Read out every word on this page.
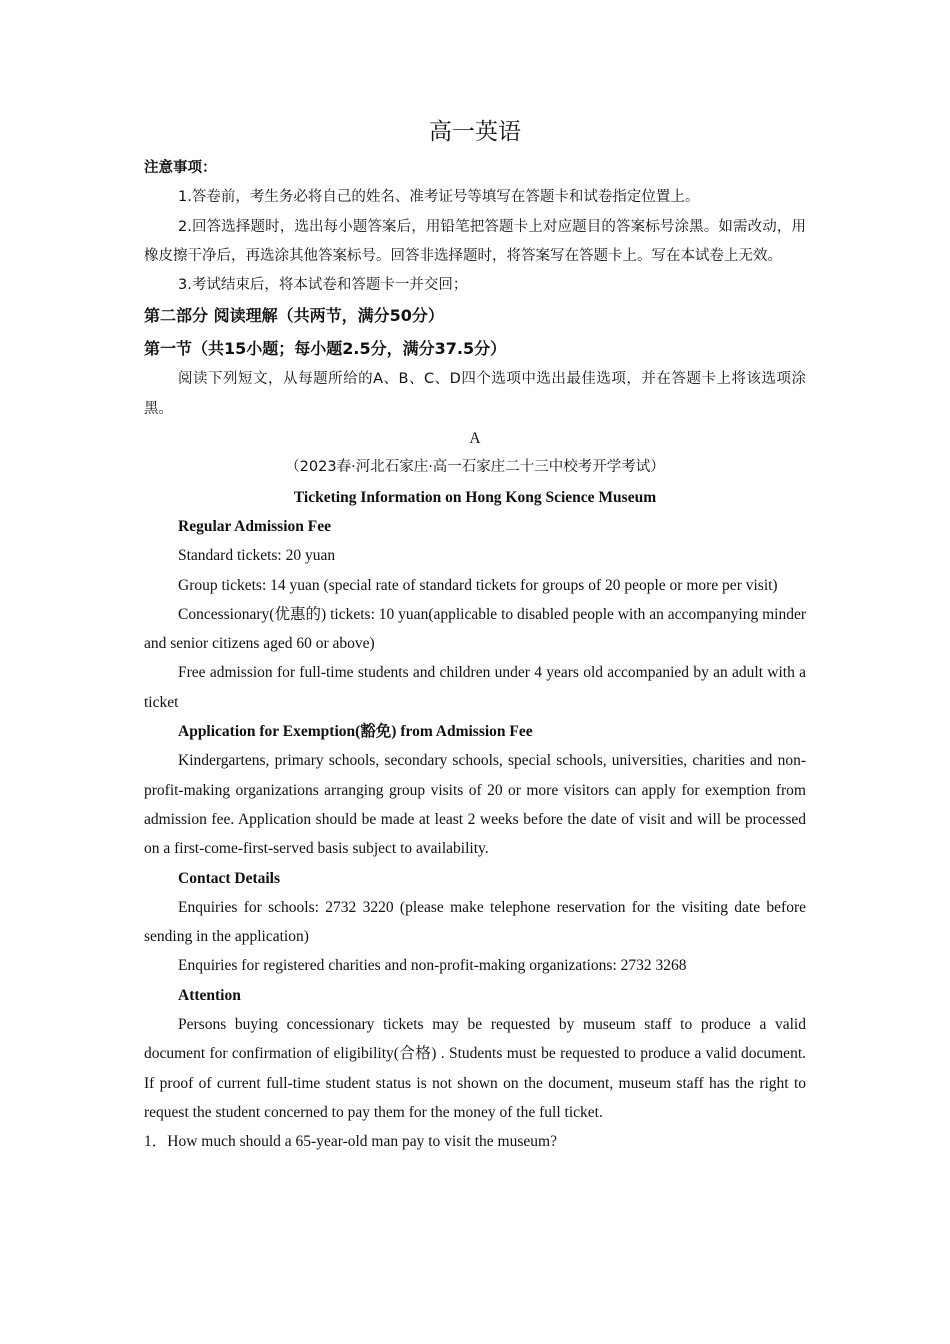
高一英语

注意事项：

1.答卷前，考生务必将自己的姓名、准考证号等填写在答题卡和试卷指定位置上。

2.回答选择题时，选出每小题答案后，用铅笔把答题卡上对应题目的答案标号涂黑。如需改动，用橡皮擦干净后，再选涂其他答案标号。回答非选择题时，将答案写在答题卡上。写在本试卷上无效。

3.考试结束后，将本试卷和答题卡一并交回；

第二部分 阅读理解（共两节，满分50分）

第一节（共15小题；每小题2.5分，满分37.5分）

阅读下列短文，从每题所给的A、B、C、D四个选项中选出最佳选项，并在答题卡上将该选项涂黑。

A

（2023春·河北石家庄·高一石家庄二十三中校考开学考试）

Ticketing Information on Hong Kong Science Museum

Regular Admission Fee

Standard tickets: 20 yuan

Group tickets: 14 yuan (special rate of standard tickets for groups of 20 people or more per visit)

Concessionary(优惠的) tickets: 10 yuan(applicable to disabled people with an accompanying minder and senior citizens aged 60 or above)

Free admission for full-time students and children under 4 years old accompanied by an adult with a ticket

Application for Exemption(豁免) from Admission Fee

Kindergartens, primary schools, secondary schools, special schools, universities, charities and non-profit-making organizations arranging group visits of 20 or more visitors can apply for exemption from admission fee. Application should be made at least 2 weeks before the date of visit and will be processed on a first-come-first-served basis subject to availability.

Contact Details

Enquiries for schools: 2732 3220 (please make telephone reservation for the visiting date before sending in the application)

Enquiries for registered charities and non-profit-making organizations: 2732 3268

Attention

Persons buying concessionary tickets may be requested by museum staff to produce a valid document for confirmation of eligibility(合格) . Students must be requested to produce a valid document. If proof of current full-time student status is not shown on the document, museum staff has the right to request the student concerned to pay them for the money of the full ticket.

1．How much should a 65-year-old man pay to visit the museum?
